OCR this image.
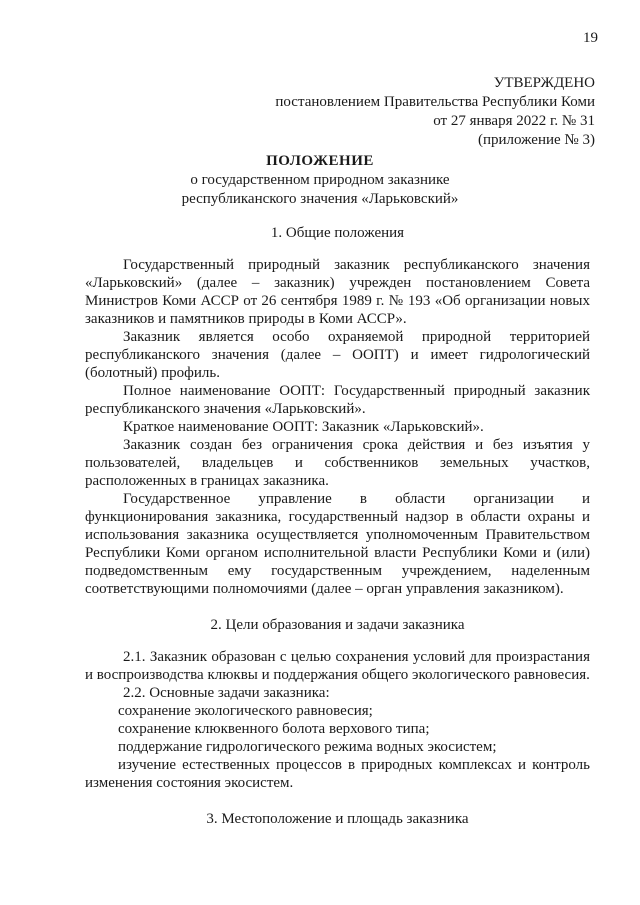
19
УТВЕРЖДЕНО
постановлением Правительства Республики Коми
от 27 января 2022 г. № 31
(приложение № 3)
ПОЛОЖЕНИЕ
о государственном природном заказнике
республиканского значения «Ларьковский»

1. Общие положения

Государственный природный заказник республиканского значения «Ларьковский» (далее – заказник) учрежден постановлением Совета Министров Коми АССР от 26 сентября 1989 г. № 193 «Об организации новых заказников и памятников природы в Коми АССР».

Заказник является особо охраняемой природной территорией республиканского значения (далее – ООПТ) и имеет гидрологический (болотный) профиль.

Полное наименование ООПТ: Государственный природный заказник республиканского значения «Ларьковский».

Краткое наименование ООПТ: Заказник «Ларьковский».

Заказник создан без ограничения срока действия и без изъятия у пользователей, владельцев и собственников земельных участков, расположенных в границах заказника.

Государственное управление в области организации и функционирования заказника, государственный надзор в области охраны и использования заказника осуществляется уполномоченным Правительством Республики Коми органом исполнительной власти Республики Коми и (или) подведомственным ему государственным учреждением, наделенным соответствующими полномочиями (далее – орган управления заказником).

2. Цели образования и задачи заказника

2.1. Заказник образован с целью сохранения условий для произрастания и воспроизводства клюквы и поддержания общего экологического равновесия.

2.2. Основные задачи заказника:

сохранение экологического равновесия;

сохранение клюквенного болота верхового типа;

поддержание гидрологического режима водных экосистем;

изучение естественных процессов в природных комплексах и контроль изменения состояния экосистем.

3. Местоположение и площадь заказника
